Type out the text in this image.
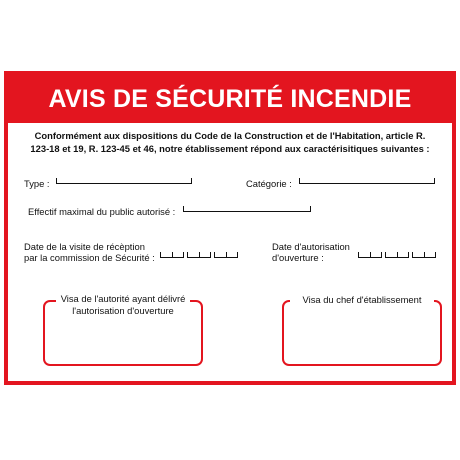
AVIS DE SÉCURITÉ INCENDIE
Conformément aux dispositions du Code de la Construction et de l'Habitation, article R.
123-18 et 19, R. 123-45 et 46, notre établissement répond aux caractérisitiques suivantes :
Type :	Catégorie :
Effectif maximal du public autorisé :
Date de la visite de récèption
par la commission de Sécurité :
Date d'autorisation
d'ouverture :
Visa de l'autorité ayant délivré
l'autorisation d'ouverture
Visa du chef d'établissement
